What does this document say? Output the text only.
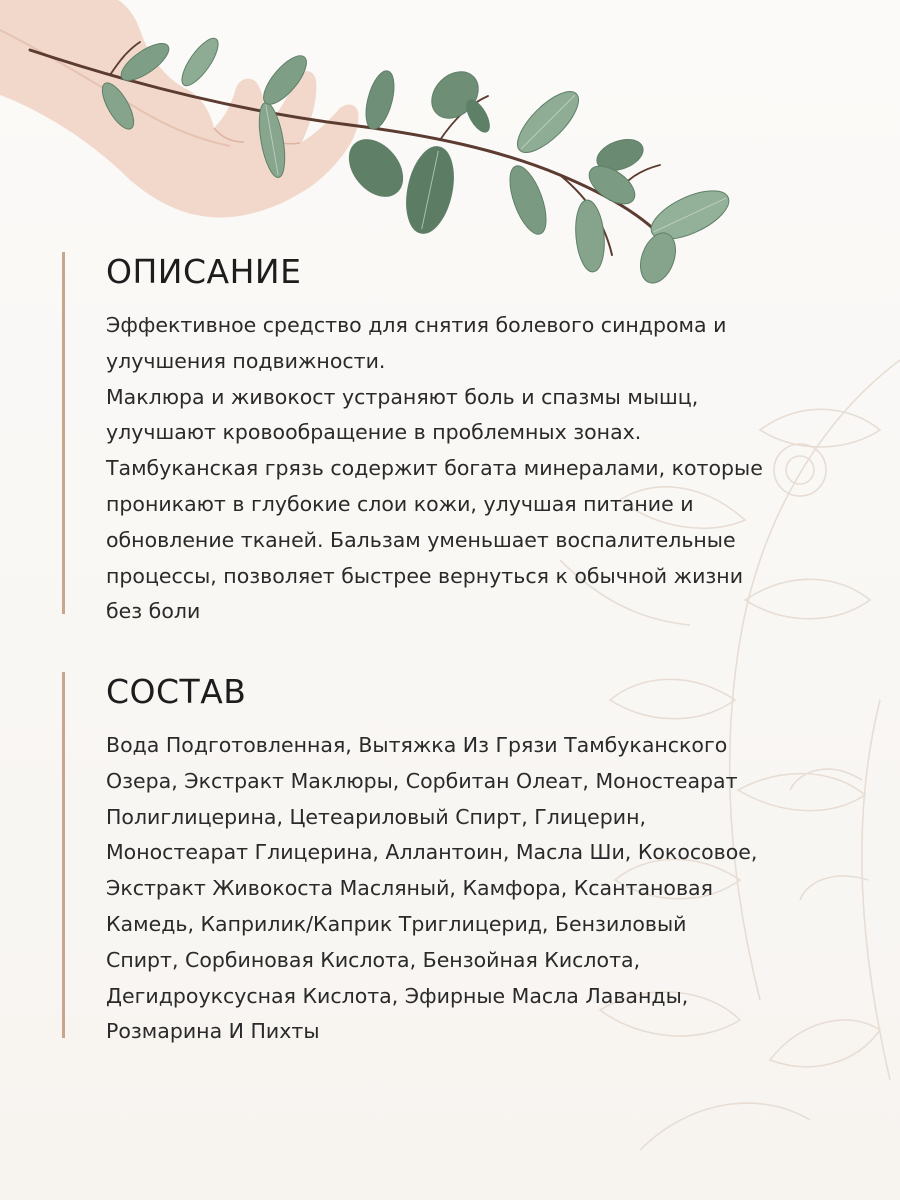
ОПИСАНИЕ
Эффективное средство для снятия болевого синдрома и
улучшения подвижности.
Маклюра и живокост устраняют боль и спазмы мышц,
улучшают кровообращение в проблемных зонах.
Тамбуканская грязь содержит богата минералами, которые
проникают в глубокие слои кожи, улучшая питание и
обновление тканей. Бальзам уменьшает воспалительные
процессы, позволяет быстрее вернуться к обычной жизни
без боли
СОСТАВ
Вода Подготовленная, Вытяжка Из Грязи Тамбуканского
Озера, Экстракт Маклюры, Сорбитан Олеат, Моностеарат
Полиглицерина, Цетеариловый Спирт, Глицерин,
Моностеарат Глицерина, Аллантоин, Масла Ши, Кокосовое,
Экстракт Живокоста Масляный, Камфора, Ксантановая
Камедь, Каприлик/Каприк Триглицерид, Бензиловый
Спирт, Сорбиновая Кислота, Бензойная Кислота,
Дегидроуксусная Кислота, Эфирные Масла Лаванды,
Розмарина И Пихты
